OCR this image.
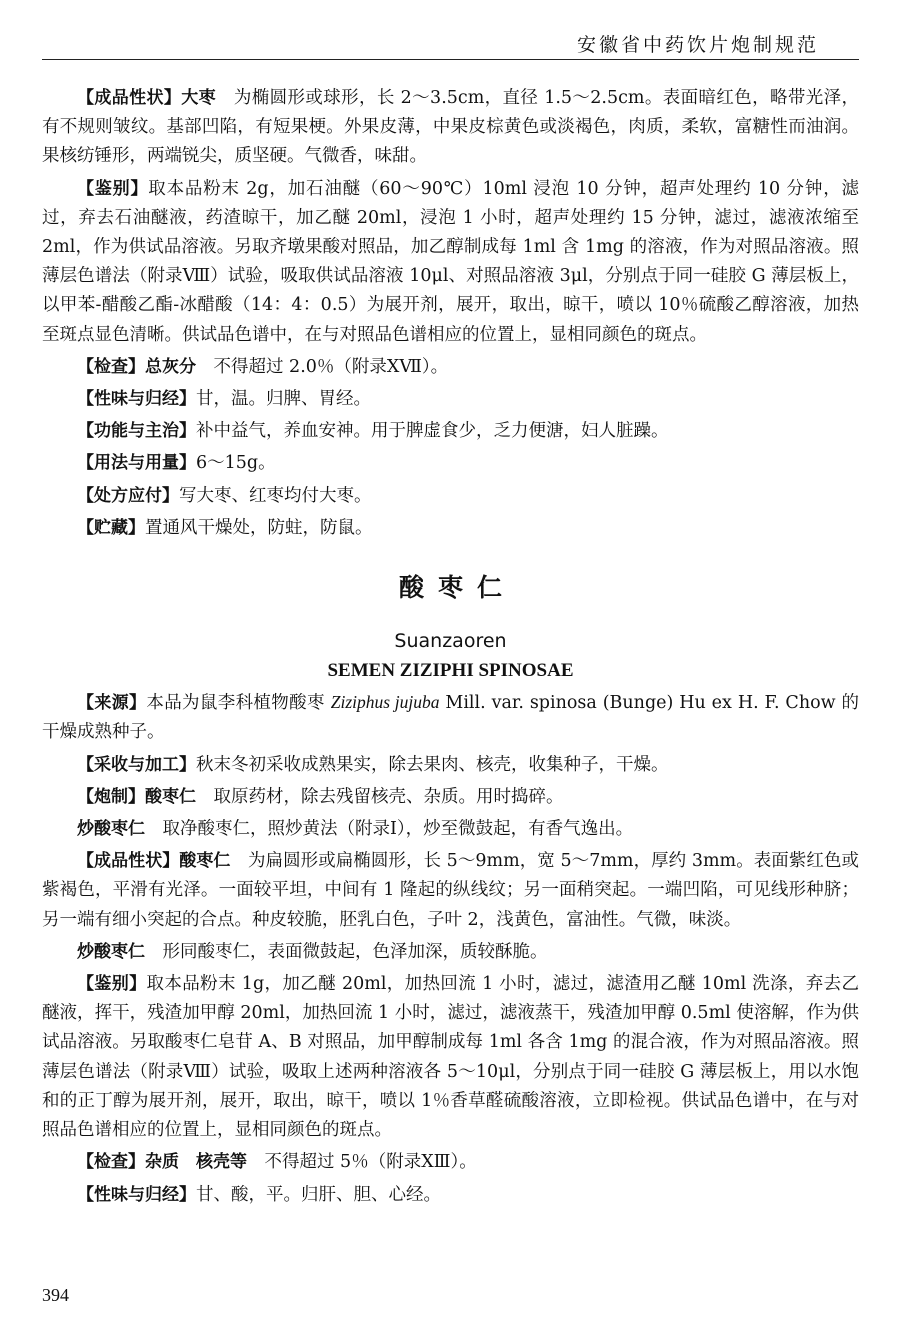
安徽省中药饮片炮制规范

【成品性状】大枣　为椭圆形或球形，长 2～3.5cm，直径 1.5～2.5cm。表面暗红色，略带光泽，有不规则皱纹。基部凹陷，有短果梗。外果皮薄，中果皮棕黄色或淡褐色，肉质，柔软，富糖性而油润。果核纺锤形，两端锐尖，质坚硬。气微香，味甜。

【鉴别】取本品粉末 2g，加石油醚（60～90℃）10ml 浸泡 10 分钟，超声处理约 10 分钟，滤过，弃去石油醚液，药渣晾干，加乙醚 20ml，浸泡 1 小时，超声处理约 15 分钟，滤过，滤液浓缩至 2ml，作为供试品溶液。另取齐墩果酸对照品，加乙醇制成每 1ml 含 1mg 的溶液，作为对照品溶液。照薄层色谱法（附录Ⅷ）试验，吸取供试品溶液 10μl、对照品溶液 3μl，分别点于同一硅胶 G 薄层板上，以甲苯-醋酸乙酯-冰醋酸（14：4：0.5）为展开剂，展开，取出，晾干，喷以 10％硫酸乙醇溶液，加热至斑点显色清晰。供试品色谱中，在与对照品色谱相应的位置上，显相同颜色的斑点。

【检查】总灰分　不得超过 2.0％（附录ⅩⅦ）。

【性味与归经】甘，温。归脾、胃经。

【功能与主治】补中益气，养血安神。用于脾虚食少，乏力便溏，妇人脏躁。

【用法与用量】6～15g。

【处方应付】写大枣、红枣均付大枣。

【贮藏】置通风干燥处，防蛀，防鼠。

酸枣仁
Suanzaoren
SEMEN ZIZIPHI SPINOSAE

【来源】本品为鼠李科植物酸枣 Ziziphus jujuba Mill. var. spinosa (Bunge) Hu ex H. F. Chow 的干燥成熟种子。

【采收与加工】秋末冬初采收成熟果实，除去果肉、核壳，收集种子，干燥。

【炮制】酸枣仁　取原药材，除去残留核壳、杂质。用时捣碎。

炒酸枣仁　取净酸枣仁，照炒黄法（附录Ⅰ），炒至微鼓起，有香气逸出。

【成品性状】酸枣仁　为扁圆形或扁椭圆形，长 5～9mm，宽 5～7mm，厚约 3mm。表面紫红色或紫褐色，平滑有光泽。一面较平坦，中间有 1 隆起的纵线纹；另一面稍突起。一端凹陷，可见线形种脐；另一端有细小突起的合点。种皮较脆，胚乳白色，子叶 2，浅黄色，富油性。气微，味淡。

炒酸枣仁　形同酸枣仁，表面微鼓起，色泽加深，质较酥脆。

【鉴别】取本品粉末 1g，加乙醚 20ml，加热回流 1 小时，滤过，滤渣用乙醚 10ml 洗涤，弃去乙醚液，挥干，残渣加甲醇 20ml，加热回流 1 小时，滤过，滤液蒸干，残渣加甲醇 0.5ml 使溶解，作为供试品溶液。另取酸枣仁皂苷 A、B 对照品，加甲醇制成每 1ml 各含 1mg 的混合液，作为对照品溶液。照薄层色谱法（附录Ⅷ）试验，吸取上述两种溶液各 5～10μl，分别点于同一硅胶 G 薄层板上，用以水饱和的正丁醇为展开剂，展开，取出，晾干，喷以 1％香草醛硫酸溶液，立即检视。供试品色谱中，在与对照品色谱相应的位置上，显相同颜色的斑点。

【检查】杂质　核壳等　不得超过 5％（附录ⅩⅢ）。

【性味与归经】甘、酸，平。归肝、胆、心经。

394
